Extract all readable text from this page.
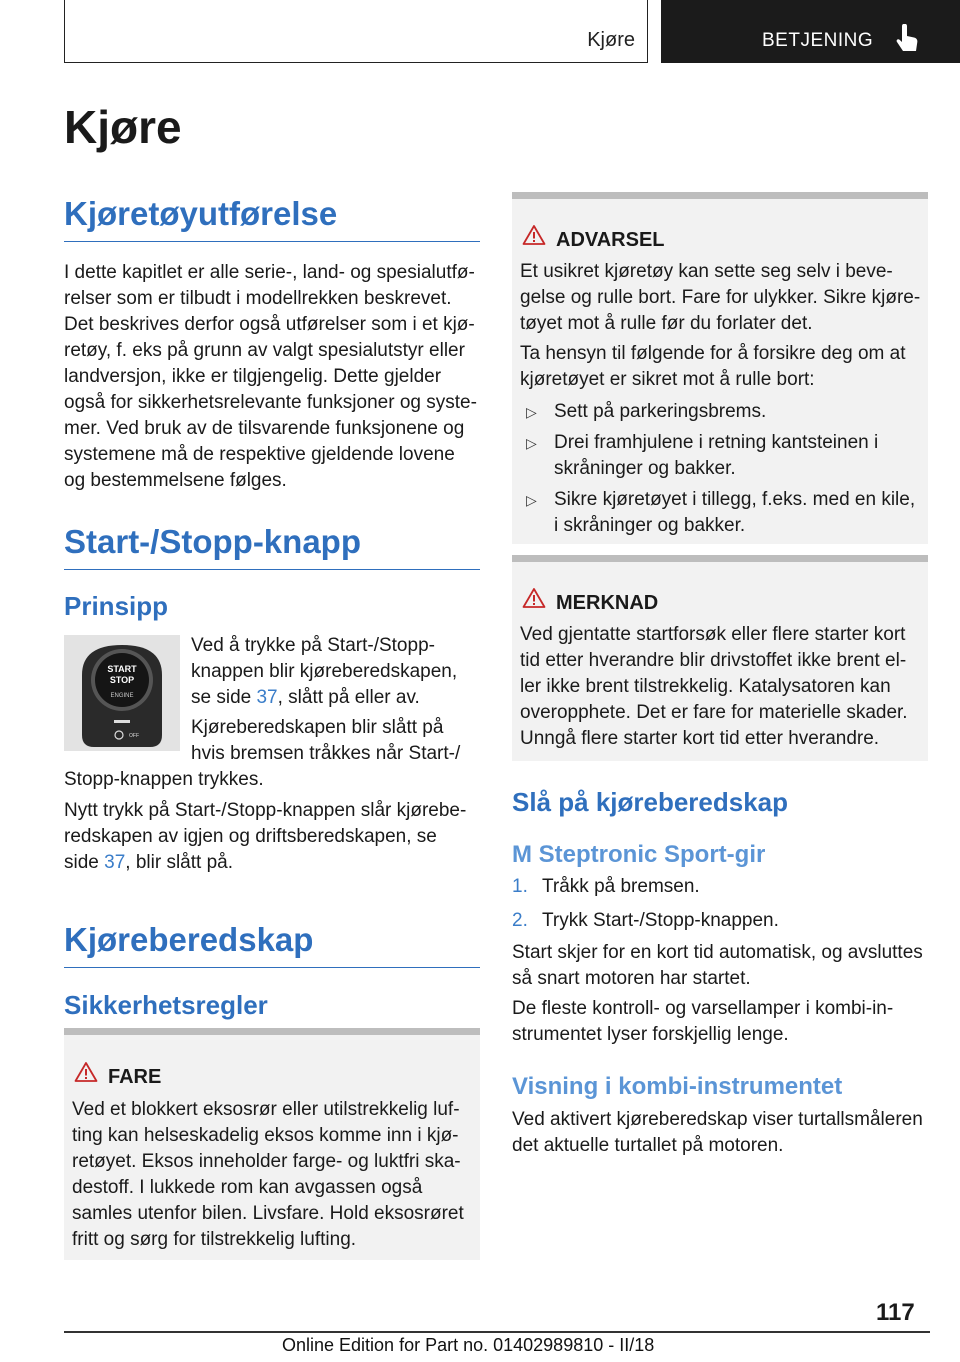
Kjøre	BETJENING
Kjøre
Kjøretøyutførelse
I dette kapitlet er alle serie-, land- og spesialutfø-
relser som er tilbudt i modellrekken beskrevet.
Det beskrives derfor også utførelser som i et kjø-
retøy, f. eks på grunn av valgt spesialutstyr eller
landversjon, ikke er tilgjengelig. Dette gjelder
også for sikkerhetsrelevante funksjoner og syste-
mer. Ved bruk av de tilsvarende funksjonene og
systemene må de respektive gjeldende lovene
og bestemmelsene følges.
Start-/Stopp-knapp
Prinsipp
START
STOP
ENGINE
OFF
Ved å trykke på Start-/Stopp-
knappen blir kjøreberedskapen,
se side 37, slått på eller av.
Kjøreberedskapen blir slått på
hvis bremsen tråkkes når Start-/
Stopp-knappen trykkes.
Nytt trykk på Start-/Stopp-knappen slår kjørebe-
redskapen av igjen og driftsberedskapen, se
side 37, blir slått på.
Kjøreberedskap
Sikkerhetsregler
FARE
Ved et blokkert eksosrør eller utilstrekkelig luf-
ting kan helseskadelig eksos komme inn i kjø-
retøyet. Eksos inneholder farge- og luktfri ska-
destoff. I lukkede rom kan avgassen også
samles utenfor bilen. Livsfare. Hold eksosrøret
fritt og sørg for tilstrekkelig lufting.
ADVARSEL
Et usikret kjøretøy kan sette seg selv i beve-
gelse og rulle bort. Fare for ulykker. Sikre kjøre-
tøyet mot å rulle før du forlater det.
Ta hensyn til følgende for å forsikre deg om at
kjøretøyet er sikret mot å rulle bort:
▷ Sett på parkeringsbrems.
▷ Drei framhjulene i retning kantsteinen i
skråninger og bakker.
▷ Sikre kjøretøyet i tillegg, f.eks. med en kile,
i skråninger og bakker.
MERKNAD
Ved gjentatte startforsøk eller flere starter kort
tid etter hverandre blir drivstoffet ikke brent el-
ler ikke brent tilstrekkelig. Katalysatoren kan
overopphete. Det er fare for materielle skader.
Unngå flere starter kort tid etter hverandre.
Slå på kjøreberedskap
M Steptronic Sport-gir
1. Tråkk på bremsen.
2. Trykk Start-/Stopp-knappen.
Start skjer for en kort tid automatisk, og avsluttes
så snart motoren har startet.
De fleste kontroll- og varsellamper i kombi-in-
strumentet lyser forskjellig lenge.
Visning i kombi-instrumentet
Ved aktivert kjøreberedskap viser turtallsmåleren
det aktuelle turtallet på motoren.
117
Online Edition for Part no. 01402989810 - II/18
